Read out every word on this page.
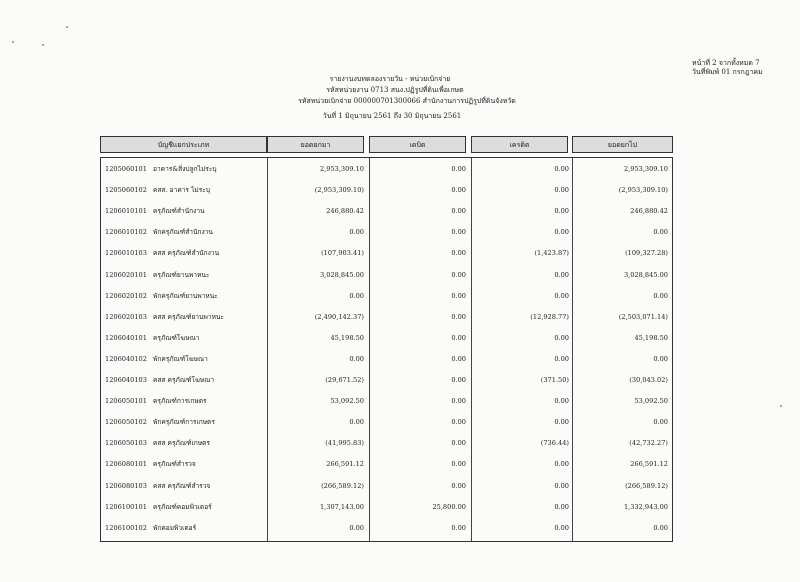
รายงานงบทดลองรายวัน - หน่วยเบิกจ่าย
รหัสหน่วยงาน 0713 สนง.ปฏิรูปที่ดินเพื่อเกษต
รหัสหน่วยเบิกจ่าย 000000701300066 สำนักงานการปฏิรูปที่ดินจังหวัด
วันที่ 1 มิถุนายน 2561 ถึง 30 มิถุนายน 2561
หน้าที่ 2 จากทั้งหมด 7
วันที่พิมพ์ 01 กรกฎาคม
บัญชีแยกประเภท	ยอดยกมา	เดบิต	เครดิต	ยอดยกไป
1205060101 อาคาร&สิ่งปลูกไม่ระบุ	2,953,309.10	0.00	0.00	2,953,309.10
1205060102 คสส. อาคาร ไม่ระบุ	(2,953,309.10)	0.00	0.00	(2,953,309.10)
1206010101 ครุภัณฑ์สำนักงาน	246,880.42	0.00	0.00	246,880.42
1206010102 พักครุภัณฑ์สำนักงาน	0.00	0.00	0.00	0.00
1206010103 คสส ครุภัณฑ์สำนักงาน	(107,903.41)	0.00	(1,423.87)	(109,327.28)
1206020101 ครุภัณฑ์ยานพาหนะ	3,028,845.00	0.00	0.00	3,028,845.00
1206020102 พักครุภัณฑ์ยานพาหนะ	0.00	0.00	0.00	0.00
1206020103 คสส ครุภัณฑ์ยานพาหนะ	(2,490,142.37)	0.00	(12,928.77)	(2,503,071.14)
1206040101 ครุภัณฑ์โฆษณา	45,198.50	0.00	0.00	45,198.50
1206040102 พักครุภัณฑ์โฆษณา	0.00	0.00	0.00	0.00
1206040103 คสส ครุภัณฑ์โฆษณา	(29,671.52)	0.00	(371.50)	(30,043.02)
1206050101 ครุภัณฑ์การเกษตร	53,092.50	0.00	0.00	53,092.50
1206050102 พักครุภัณฑ์การเกษตร	0.00	0.00	0.00	0.00
1206050103 คสส ครุภัณฑ์เกษตร	(41,995.83)	0.00	(736.44)	(42,732.27)
1206080101 ครุภัณฑ์สำรวจ	266,591.12	0.00	0.00	266,591.12
1206080103 คสส ครุภัณฑ์สำรวจ	(266,589.12)	0.00	0.00	(266,589.12)
1206100101 ครุภัณฑ์คอมพิวเตอร์	1,307,143.00	25,800.00	0.00	1,332,943.00
1206100102 พักคอมพิวเตอร์	0.00	0.00	0.00	0.00
